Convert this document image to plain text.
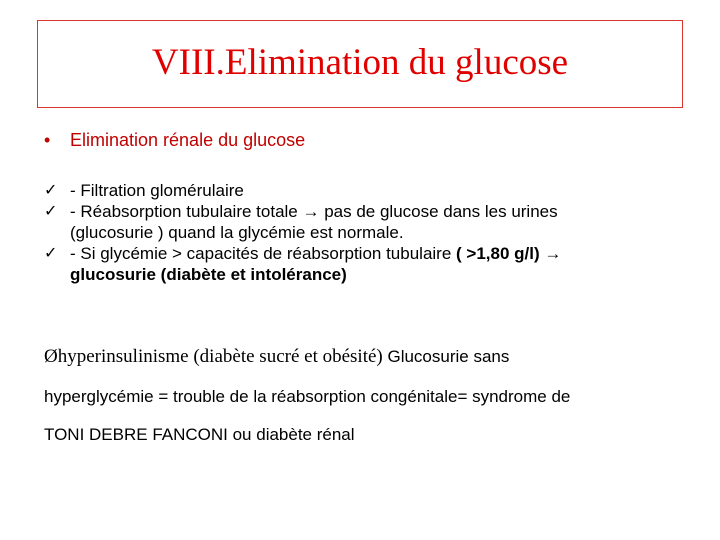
VIII.Elimination du glucose
• Elimination rénale du glucose
✓ - Filtration glomérulaire
✓ - Réabsorption tubulaire totale → pas de glucose dans les urines
(glucosurie ) quand la glycémie est normale.
✓ - Si glycémie > capacités de réabsorption tubulaire ( >1,80 g/l) →
glucosurie (diabète et intolérance)
Øhyperinsulinisme (diabète sucré et obésité) Glucosurie sans
hyperglycémie = trouble de la réabsorption congénitale= syndrome de
TONI DEBRE FANCONI ou diabète rénal
